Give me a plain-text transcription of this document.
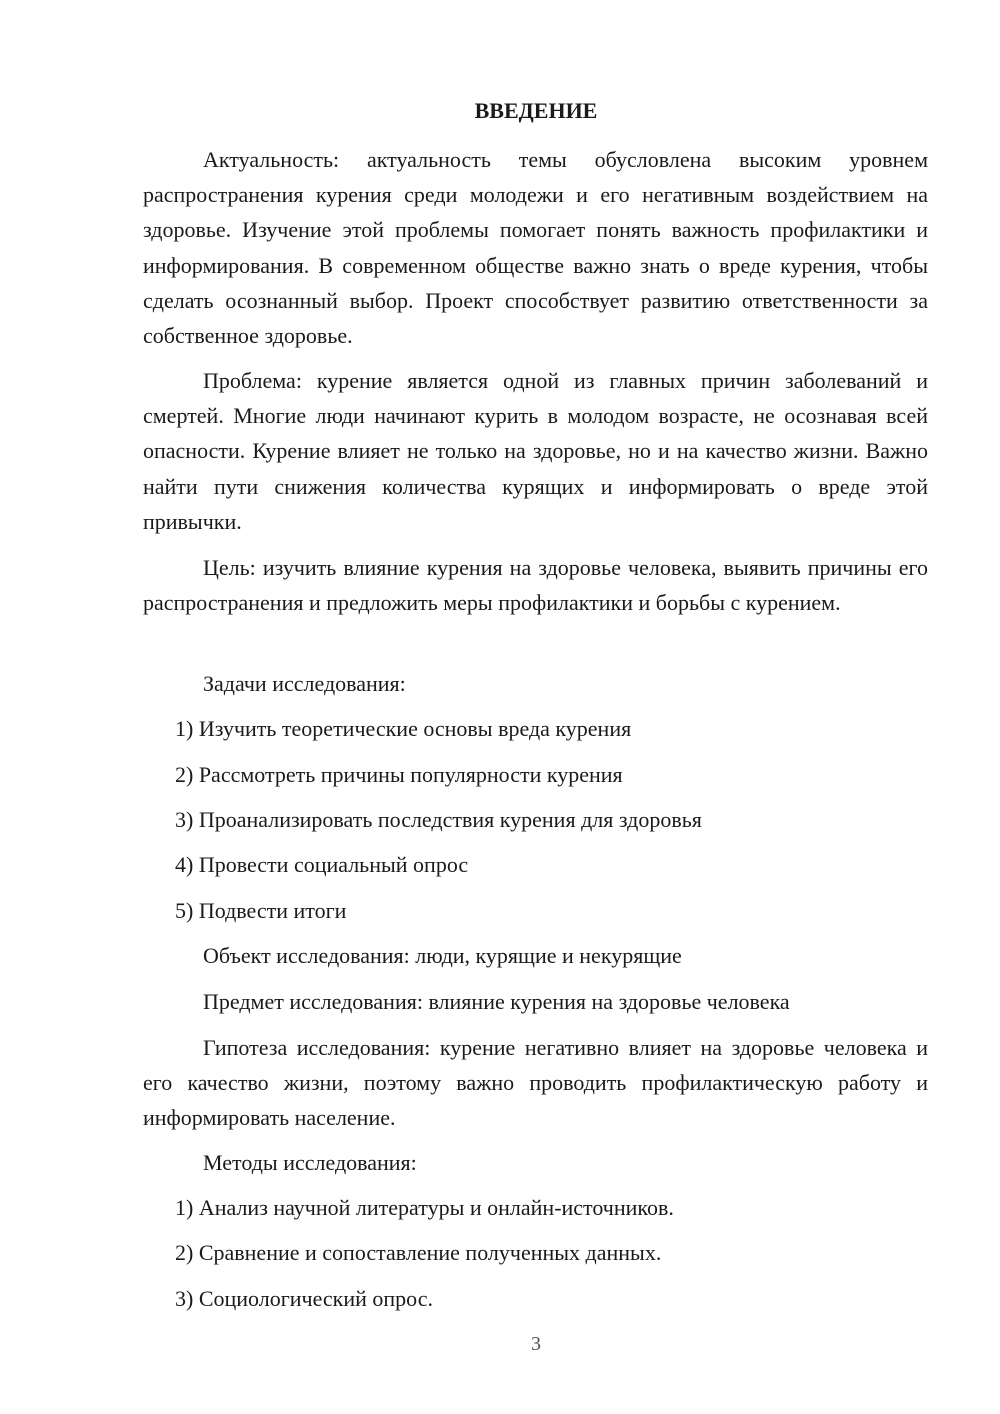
ВВЕДЕНИЕ
Актуальность: актуальность темы обусловлена высоким уровнем распространения курения среди молодежи и его негативным воздействием на здоровье. Изучение этой проблемы помогает понять важность профилактики и информирования. В современном обществе важно знать о вреде курения, чтобы сделать осознанный выбор. Проект способствует развитию ответственности за собственное здоровье.
Проблема: курение является одной из главных причин заболеваний и смертей. Многие люди начинают курить в молодом возрасте, не осознавая всей опасности. Курение влияет не только на здоровье, но и на качество жизни. Важно найти пути снижения количества курящих и информировать о вреде этой привычки.
Цель: изучить влияние курения на здоровье человека, выявить причины его распространения и предложить меры профилактики и борьбы с курением.
Задачи исследования:
1) Изучить теоретические основы вреда курения
2) Рассмотреть причины популярности курения
3) Проанализировать последствия курения для здоровья
4) Провести социальный опрос
5) Подвести итоги
Объект исследования: люди, курящие и некурящие
Предмет исследования: влияние курения на здоровье человека
Гипотеза исследования: курение негативно влияет на здоровье человека и его качество жизни, поэтому важно проводить профилактическую работу и информировать население.
Методы исследования:
1) Анализ научной литературы и онлайн-источников.
2) Сравнение и сопоставление полученных данных.
3) Социологический опрос.
3
